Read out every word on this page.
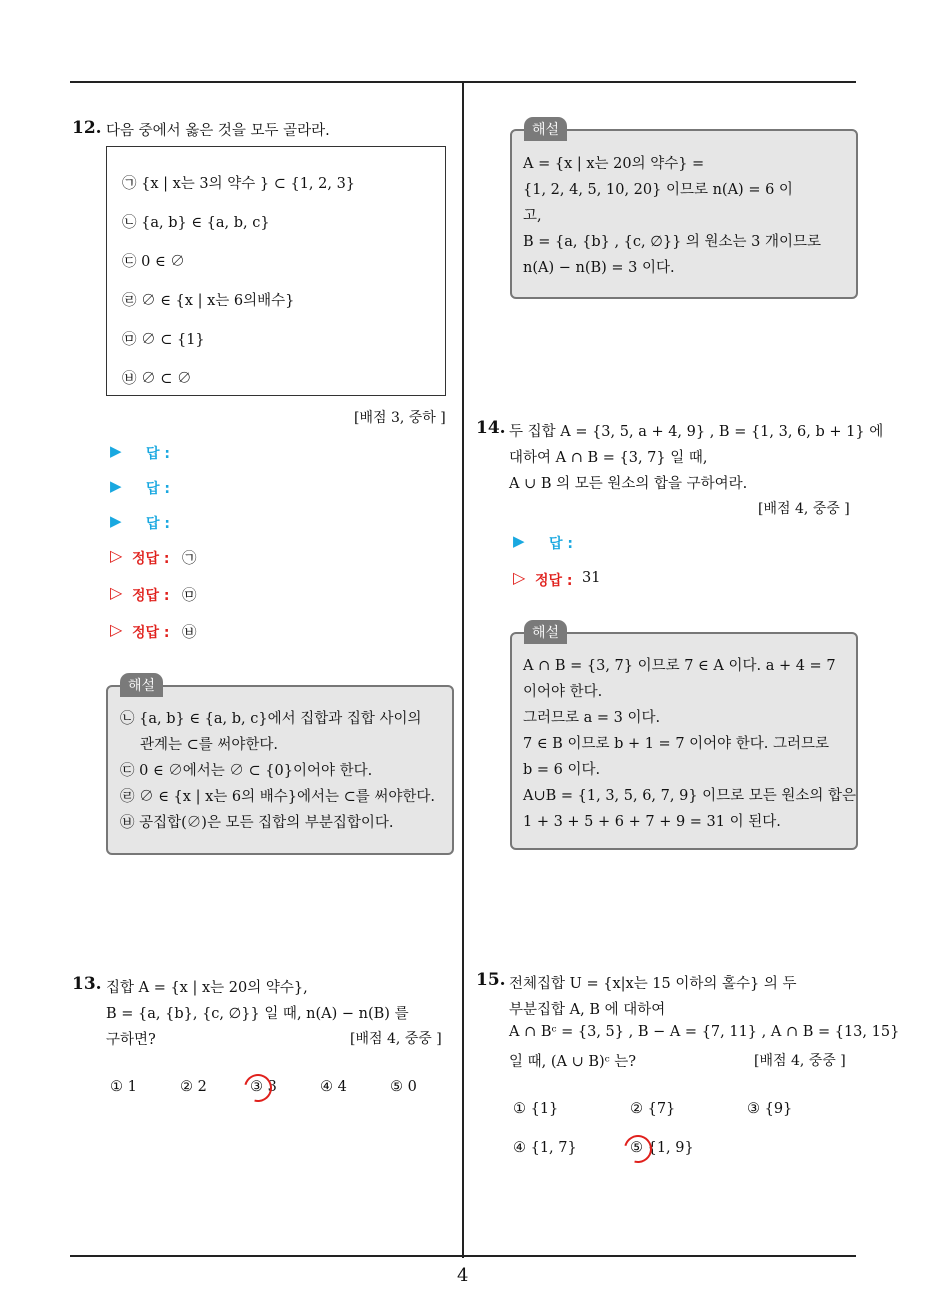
4
12. 다음 중에서 옳은 것을 모두 골라라.
㉠ {x | x는 3의 약수 } ⊂ {1, 2, 3}
㉡ {a, b} ∈ {a, b, c}
㉢ 0 ∈ ∅
㉣ ∅ ∈ {x | x는 6의배수}
㉤ ∅ ⊂ {1}
㉥ ∅ ⊂ ∅
[배점 3, 중하 ]
▶ 답 :
▶ 답 :
▶ 답 :
▷ 정답 : ㉠
▷ 정답 : ㉤
▷ 정답 : ㉥
해설
㉡ {a, b} ∈ {a, b, c}에서 집합과 집합 사이의
관계는 ⊂를 써야한다.
㉢ 0 ∈ ∅에서는 ∅ ⊂ {0}이어야 한다.
㉣ ∅ ∈ {x | x는 6의 배수}에서는 ⊂를 써야한다.
㉥ 공집합(∅)은 모든 집합의 부분집합이다.
13. 집합 A = {x | x는 20의 약수},
B = {a, {b}, {c, ∅}} 일 때, n(A) − n(B) 를
구하면?	[배점 4, 중중 ]
① 1	② 2	③ 3	④ 4	⑤ 0
해설
A = {x | x는 20의 약수} =
{1, 2, 4, 5, 10, 20} 이므로 n(A) = 6 이
고,
B = {a, {b} , {c, ∅}} 의 원소는 3 개이므로
n(A) − n(B) = 3 이다.
14. 두 집합 A = {3, 5, a + 4, 9} , B = {1, 3, 6, b + 1} 에
대하여 A ∩ B = {3, 7} 일 때,
A ∪ B 의 모든 원소의 합을 구하여라.
[배점 4, 중중 ]
▶ 답 :
▷ 정답 : 31
해설
A ∩ B = {3, 7} 이므로 7 ∈ A 이다. a + 4 = 7
이어야 한다.
그러므로 a = 3 이다.
7 ∈ B 이므로 b + 1 = 7 이어야 한다. 그러므로
b = 6 이다.
A∪B = {1, 3, 5, 6, 7, 9} 이므로 모든 원소의 합은
1 + 3 + 5 + 6 + 7 + 9 = 31 이 된다.
15. 전체집합 U = {x|x는 15 이하의 홀수} 의 두
부분집합 A, B 에 대하여
A ∩ Bᶜ = {3, 5} , B − A = {7, 11} , A ∩ B = {13, 15}
일 때, (A ∪ B)ᶜ 는?	[배점 4, 중중 ]
① {1}	② {7}	③ {9}
④ {1, 7}	⑤ {1, 9}
